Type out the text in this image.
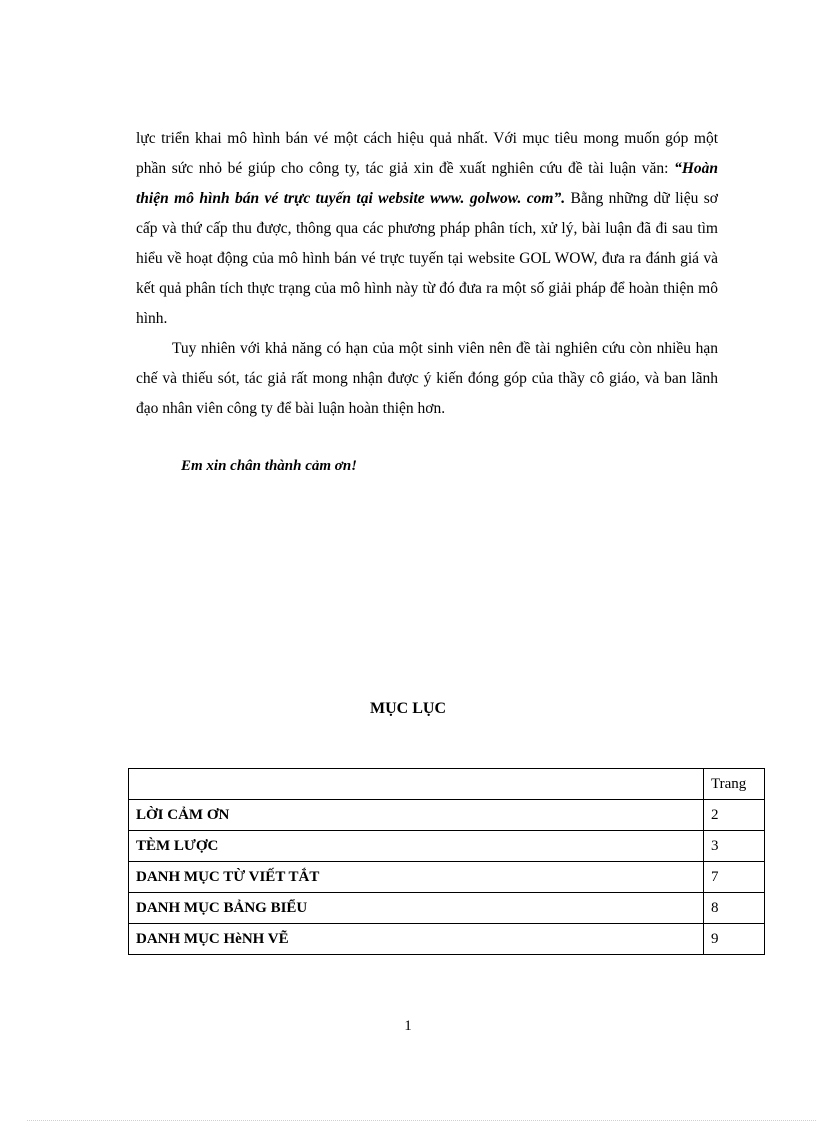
lực triển khai mô hình bán vé một cách hiệu quả nhất. Với mục tiêu mong muốn góp một phần sức nhỏ bé giúp cho công ty, tác giả xin đề xuất nghiên cứu đề tài luận văn: “Hoàn thiện mô hình bán vé trực tuyến tại website www. golwow. com”. Bằng những dữ liệu sơ cấp và thứ cấp thu được, thông qua các phương pháp phân tích, xử lý, bài luận đã đi sau tìm hiểu về hoạt động của mô hình bán vé trực tuyến tại website GOL WOW, đưa ra đánh giá và kết quả phân tích thực trạng của mô hình này từ đó đưa ra một số giải pháp để hoàn thiện mô hình.

Tuy nhiên với khả năng có hạn của một sinh viên nên đề tài nghiên cứu còn nhiều hạn chế và thiếu sót, tác giả rất mong nhận được ý kiến đóng góp của thầy cô giáo, và ban lãnh đạo nhân viên công ty để bài luận hoàn thiện hơn.

Em xin chân thành cảm ơn!
MỤC LỤC
	Trang
LỜI CẢM ƠN	2
TÈM LƯỢC	3
DANH MỤC TỪ VIẾT TẮT	7
DANH MỤC BẢNG BIỂU	8
DANH MỤC HèNH VẼ	9
1
